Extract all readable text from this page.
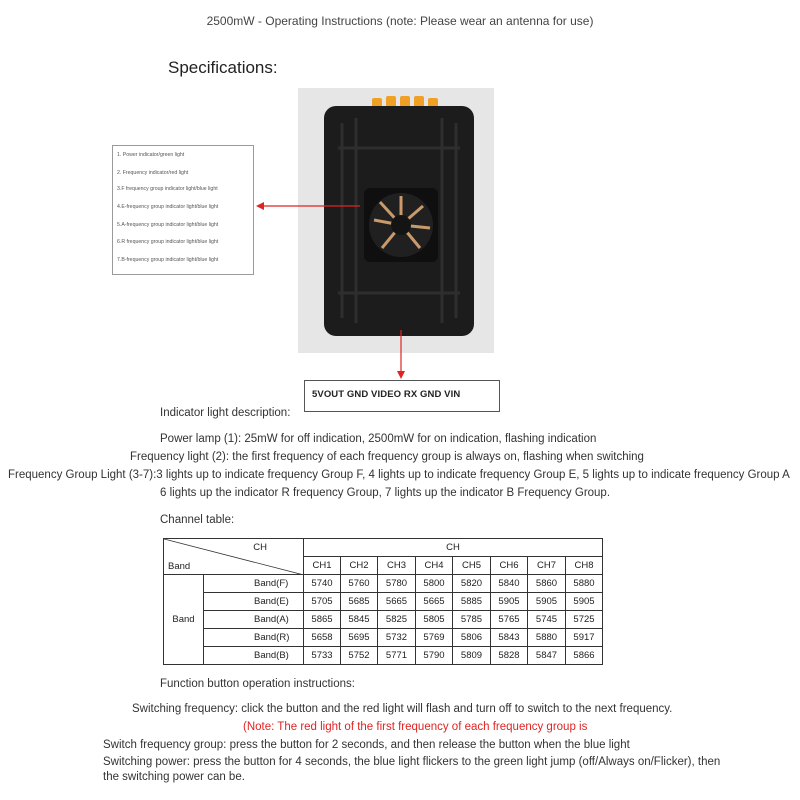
2500mW - Operating Instructions (note: Please wear an antenna for use)
Specifications:
1. Power indicator/green light
2. Frequency indicator/red light
3.F frequency group indicator light/blue light
4.E-frequency group indicator light/blue light
5.A-frequency group indicator light/blue light
6.R frequency group indicator light/blue light
7.B-frequency group indicator light/blue light
5VOUT GND VIDEO RX GND VIN
Indicator light description:
Power lamp (1): 25mW for off indication, 2500mW for on indication, flashing indication
Frequency light (2): the first frequency of each frequency group is always on, flashing when switching
Frequency Group Light (3-7):3 lights up to indicate frequency Group F, 4 lights up to indicate frequency Group E, 5 lights up to indicate frequency Group A
6 lights up the indicator R frequency Group, 7 lights up the indicator B Frequency Group.
Channel table:
CH
Band		CH							
		CH1	CH2	CH3	CH4	CH5	CH6	CH7	CH8
Band	Band(F)	5740	5760	5780	5800	5820	5840	5860	5880
	Band(E)	5705	5685	5665	5665	5885	5905	5905	5905
	Band(A)	5865	5845	5825	5805	5785	5765	5745	5725
	Band(R)	5658	5695	5732	5769	5806	5843	5880	5917
	Band(B)	5733	5752	5771	5790	5809	5828	5847	5866
Function button operation instructions:
Switching frequency: click the button and the red light will flash and turn off to switch to the next frequency.
(Note: The red light of the first frequency of each frequency group is
Switch frequency group: press the button for 2 seconds, and then release the button when the blue light
Switching power: press the button for 4 seconds, the blue light flickers to the green light jump (off/Always on/Flicker), then
the switching power can be.
